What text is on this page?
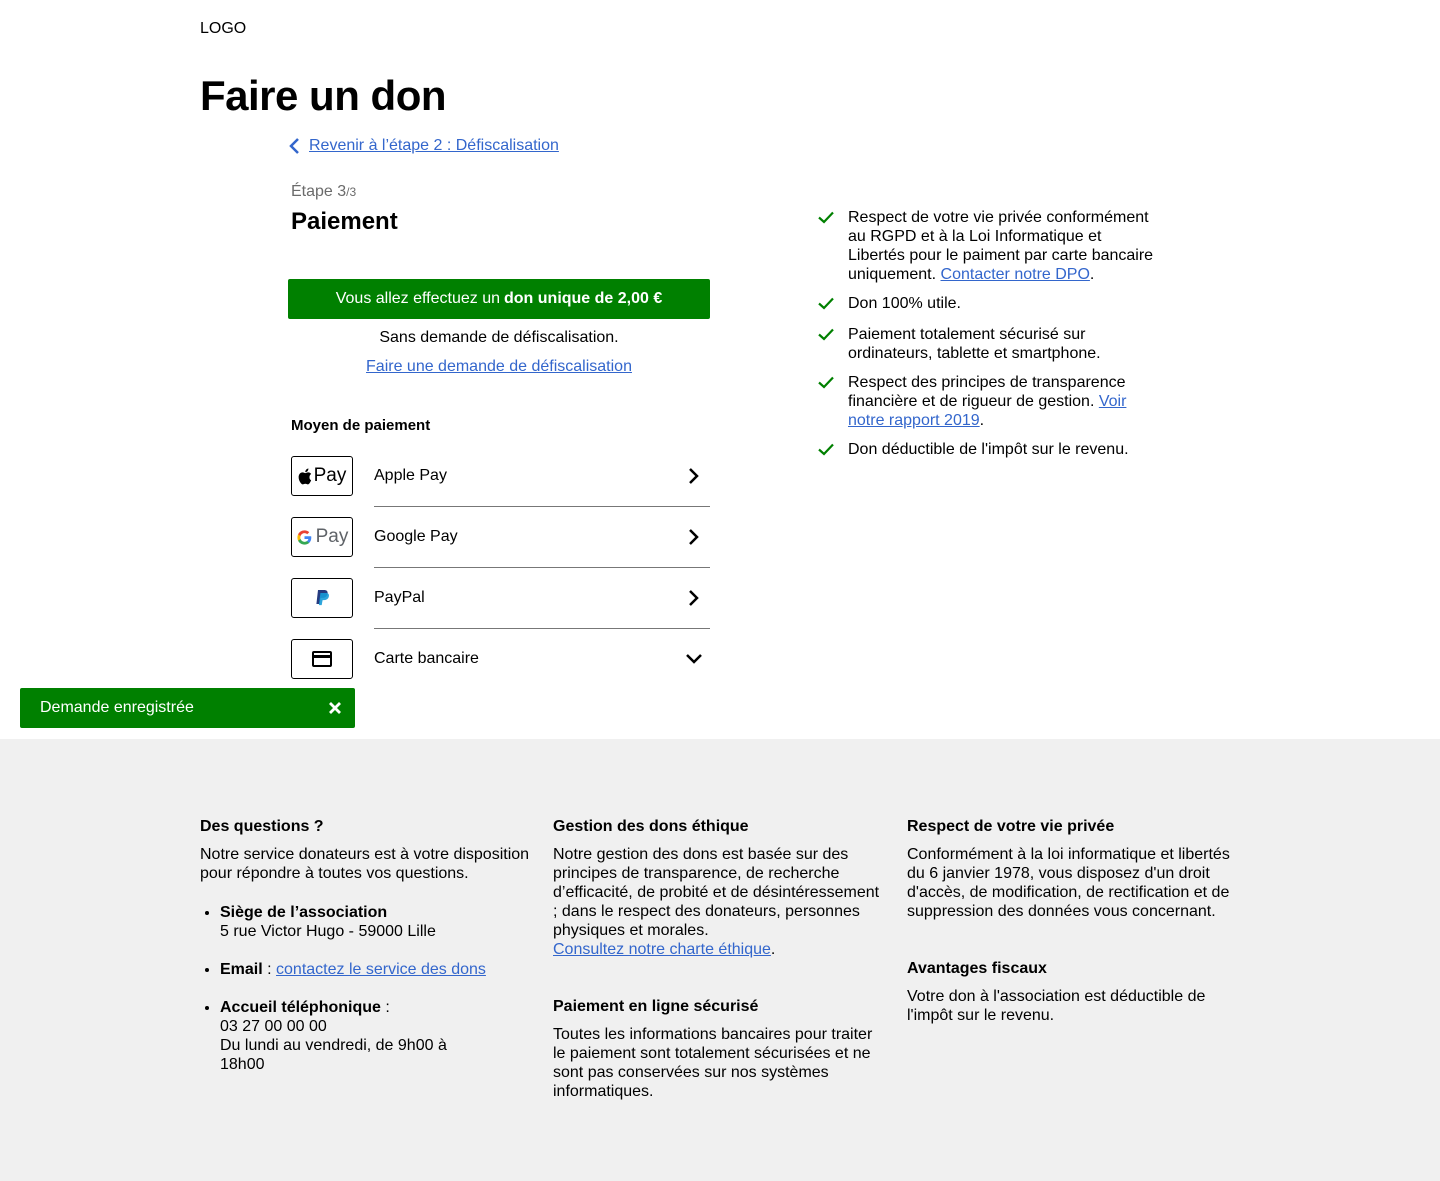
LOGO
Faire un don
Revenir à l’étape 2 : Défiscalisation
Étape 3/3
Paiement
Vous allez effectuez un don unique de 2,00 €
Sans demande de défiscalisation.
Faire une demande de défiscalisation
Moyen de paiement
Pay Apple Pay
Pay Google Pay
PayPal
Carte bancaire
Demande enregistrée
Respect de votre vie privée conformément au RGPD et à la Loi Informatique et Libertés pour le paiment par carte bancaire uniquement. Contacter notre DPO.
Don 100% utile.
Paiement totalement sécurisé sur ordinateurs, tablette et smartphone.
Respect des principes de transparence financière et de rigueur de gestion. Voir notre rapport 2019.
Don déductible de l'impôt sur le revenu.
Des questions ?

Notre service donateurs est à votre disposition pour répondre à toutes vos questions.

• Siège de l’association
5 rue Victor Hugo - 59000 Lille
• Email : contactez le service des dons
• Accueil téléphonique :
03 27 00 00 00
Du lundi au vendredi, de 9h00 à 18h00
Gestion des dons éthique

Notre gestion des dons est basée sur des principes de transparence, de recherche d’efficacité, de probité et de désintéressement ; dans le respect des donateurs, personnes physiques et morales.
Consultez notre charte éthique.

Paiement en ligne sécurisé

Toutes les informations bancaires pour traiter le paiement sont totalement sécurisées et ne sont pas conservées sur nos systèmes informatiques.

Respect de votre vie privée

Conformément à la loi informatique et libertés du 6 janvier 1978, vous disposez d'un droit d'accès, de modification, de rectification et de suppression des données vous concernant.

Avantages fiscaux

Votre don à l'association est déductible de l'impôt sur le revenu.
